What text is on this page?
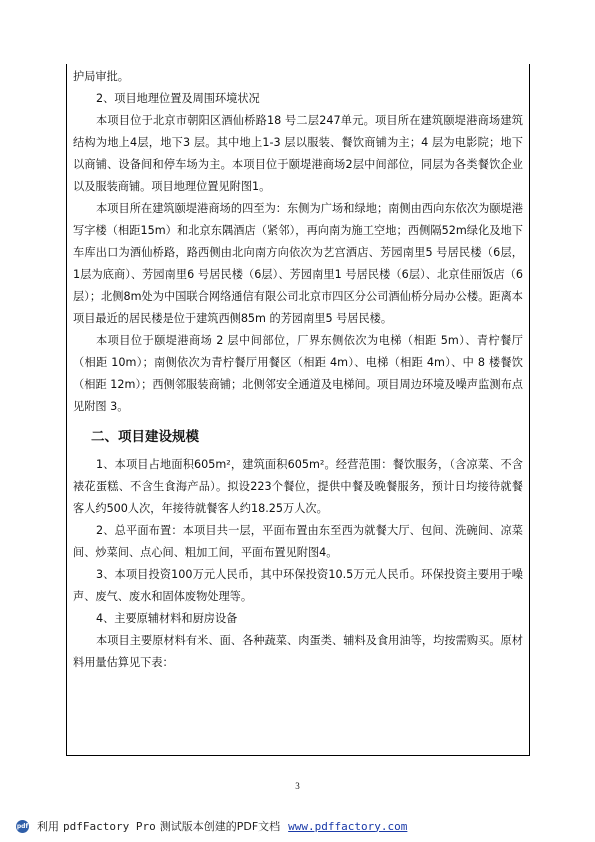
护局审批。

2、项目地理位置及周围环境状况

本项目位于北京市朝阳区酒仙桥路18 号二层247单元。项目所在建筑颐堤港商场建筑结构为地上4层，地下3 层。其中地上1-3 层以服装、餐饮商铺为主；4 层为电影院；地下以商铺、设备间和停车场为主。本项目位于颐堤港商场2层中间部位，同层为各类餐饮企业以及服装商铺。项目地理位置见附图1。

本项目所在建筑颐堤港商场的四至为：东侧为广场和绿地；南侧由西向东依次为颐堤港写字楼（相距15m）和北京东隅酒店（紧邻），再向南为施工空地；西侧隔52m绿化及地下车库出口为酒仙桥路，路西侧由北向南方向依次为艺宫酒店、芳园南里5 号居民楼（6层，1层为底商）、芳园南里6 号居民楼（6层）、芳园南里1 号居民楼（6层）、北京佳丽饭店（6层）；北侧8m处为中国联合网络通信有限公司北京市四区分公司酒仙桥分局办公楼。距离本项目最近的居民楼是位于建筑西侧85m 的芳园南里5 号居民楼。

本项目位于颐堤港商场 2 层中间部位，厂界东侧依次为电梯（相距 5m）、青柠餐厅（相距 10m）；南侧依次为青柠餐厅用餐区（相距 4m）、电梯（相距 4m）、中 8 楼餐饮（相距 12m）；西侧邻服装商铺；北侧邻安全通道及电梯间。项目周边环境及噪声监测布点见附图 3。

二、项目建设规模

1、本项目占地面积605m²，建筑面积605m²。经营范围：餐饮服务，（含凉菜、不含裱花蛋糕、不含生食海产品）。拟设223个餐位，提供中餐及晚餐服务，预计日均接待就餐客人约500人次，年接待就餐客人约18.25万人次。

2、总平面布置：本项目共一层，平面布置由东至西为就餐大厅、包间、洗碗间、凉菜间、炒菜间、点心间、粗加工间，平面布置见附图4。

3、本项目投资100万元人民币，其中环保投资10.5万元人民币。环保投资主要用于噪声、废气、废水和固体废物处理等。

4、主要原辅材料和厨房设备

本项目主要原材料有米、面、各种蔬菜、肉蛋类、辅料及食用油等，均按需购买。原材料用量估算见下表：

3
pdf 利用 pdfFactory Pro 测试版本创建的PDF文档 www.pdffactory.com
